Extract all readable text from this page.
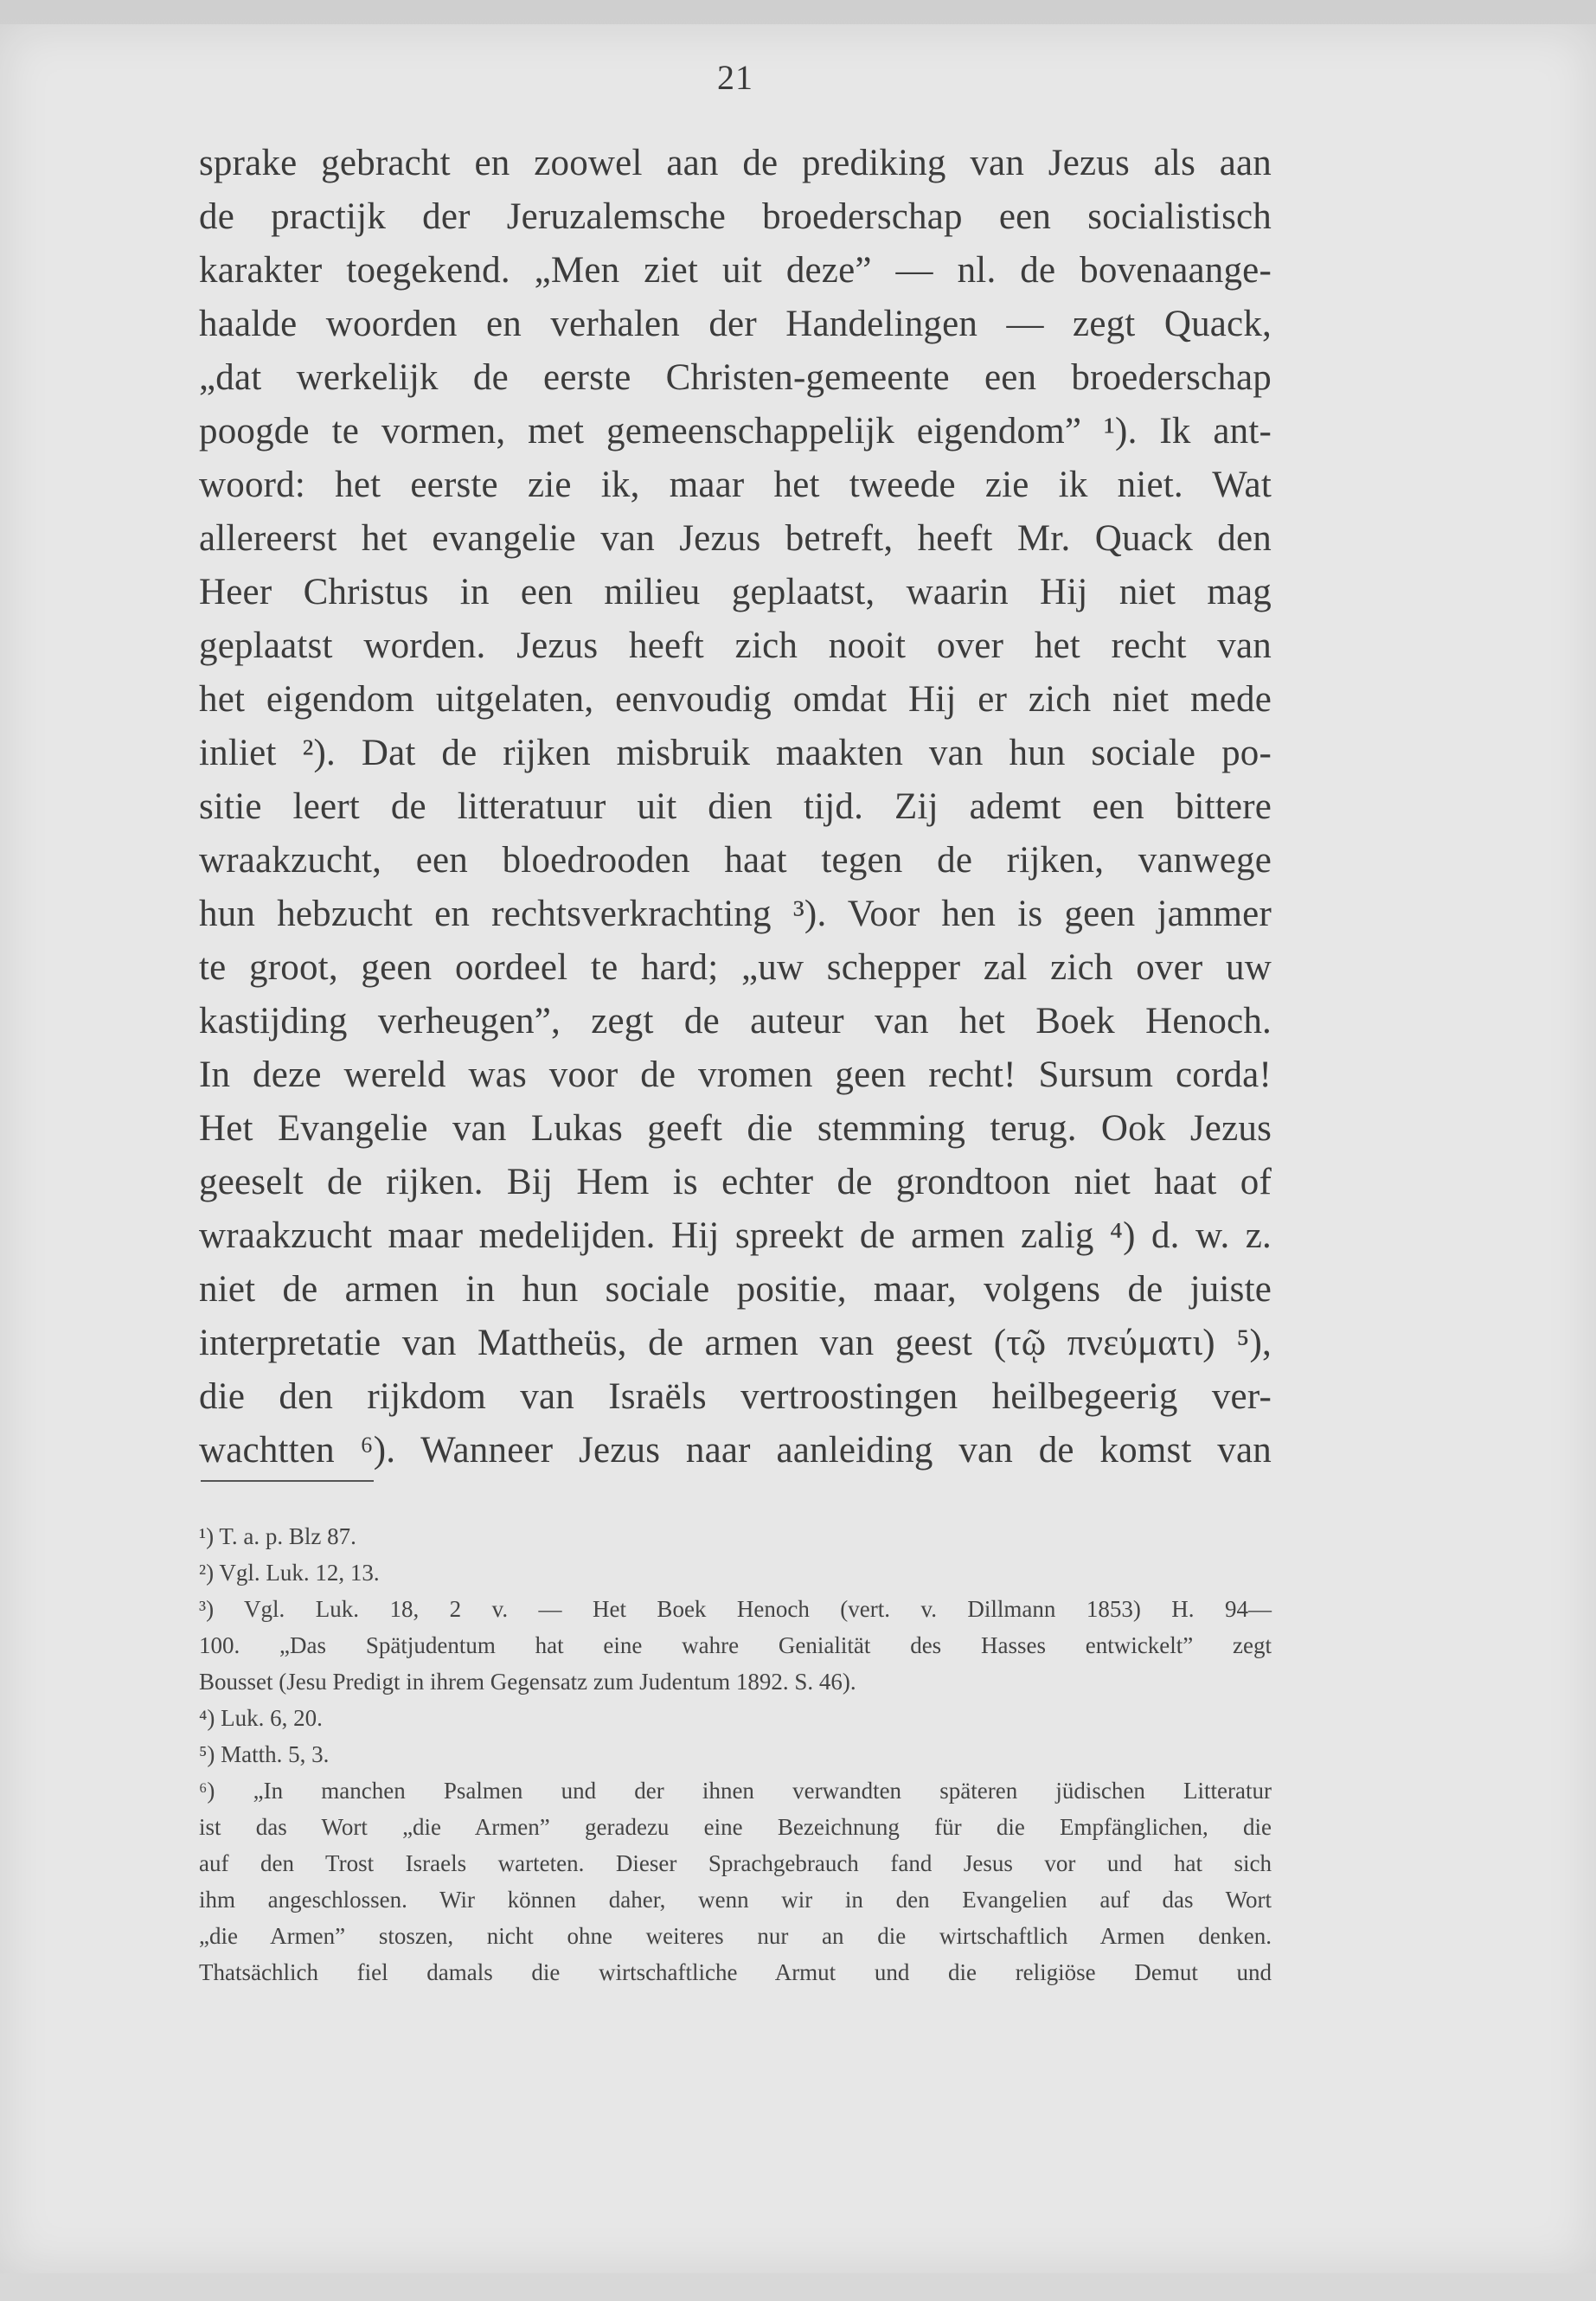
21
sprake gebracht en zoowel aan de prediking van Jezus als aan
de practijk der Jeruzalemsche broederschap een socialistisch
karakter toegekend. „Men ziet uit deze” — nl. de bovenaange-
haalde woorden en verhalen der Handelingen — zegt Quack,
„dat werkelijk de eerste Christen-gemeente een broederschap
poogde te vormen, met gemeenschappelijk eigendom” ¹). Ik ant-
woord: het eerste zie ik, maar het tweede zie ik niet. Wat
allereerst het evangelie van Jezus betreft, heeft Mr. Quack den
Heer Christus in een milieu geplaatst, waarin Hij niet mag
geplaatst worden. Jezus heeft zich nooit over het recht van
het eigendom uitgelaten, eenvoudig omdat Hij er zich niet mede
inliet ²). Dat de rijken misbruik maakten van hun sociale po-
sitie leert de litteratuur uit dien tijd. Zij ademt een bittere
wraakzucht, een bloedrooden haat tegen de rijken, vanwege
hun hebzucht en rechtsverkrachting ³). Voor hen is geen jammer
te groot, geen oordeel te hard; „uw schepper zal zich over uw
kastijding verheugen”, zegt de auteur van het Boek Henoch.
In deze wereld was voor de vromen geen recht! Sursum corda!
Het Evangelie van Lukas geeft die stemming terug. Ook Jezus
geeselt de rijken. Bij Hem is echter de grondtoon niet haat of
wraakzucht maar medelijden. Hij spreekt de armen zalig ⁴) d. w. z.
niet de armen in hun sociale positie, maar, volgens de juiste
interpretatie van Mattheüs, de armen van geest (τῷ πνεύματι) ⁵),
die den rijkdom van Israëls vertroostingen heilbegeerig ver-
wachtten ⁶). Wanneer Jezus naar aanleiding van de komst van
¹) T. a. p. Blz 87.
²) Vgl. Luk. 12, 13.
³) Vgl. Luk. 18, 2 v. — Het Boek Henoch (vert. v. Dillmann 1853) H. 94—
100. „Das Spätjudentum hat eine wahre Genialität des Hasses entwickelt” zegt
Bousset (Jesu Predigt in ihrem Gegensatz zum Judentum 1892. S. 46).
⁴) Luk. 6, 20.
⁵) Matth. 5, 3.
⁶) „In manchen Psalmen und der ihnen verwandten späteren jüdischen Litteratur
ist das Wort „die Armen” geradezu eine Bezeichnung für die Empfänglichen, die
auf den Trost Israels warteten. Dieser Sprachgebrauch fand Jesus vor und hat sich
ihm angeschlossen. Wir können daher, wenn wir in den Evangelien auf das Wort
„die Armen” stoszen, nicht ohne weiteres nur an die wirtschaftlich Armen denken.
Thatsächlich fiel damals die wirtschaftliche Armut und die religiöse Demut und
